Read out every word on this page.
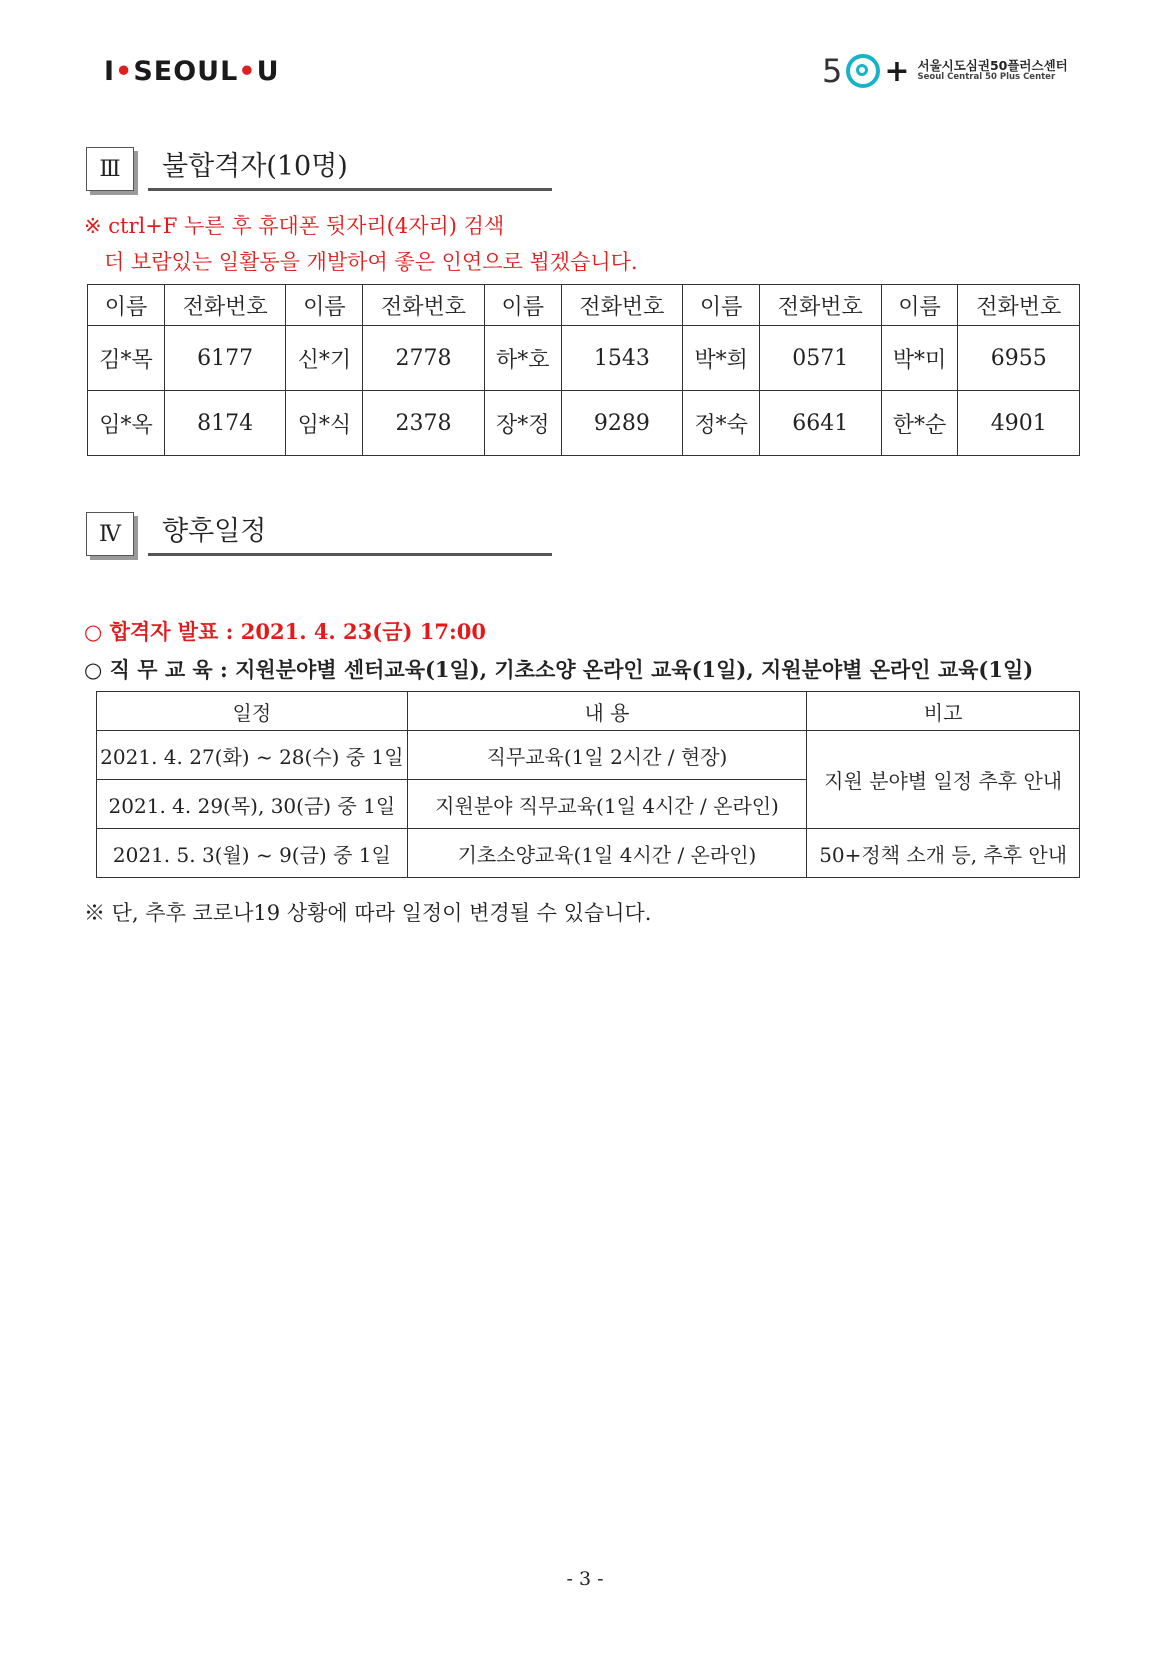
I•SEOUL•U	5 + 서울시도심권50플러스센터
Seoul Central 50 Plus Center
Ⅲ	불합격자(10명)
※ ctrl+F 누른 후 휴대폰 뒷자리(4자리) 검색
더 보람있는 일활동을 개발하여 좋은 인연으로 뵙겠습니다.
이름	전화번호	이름	전화번호	이름	전화번호	이름	전화번호	이름	전화번호
김*목	6177	신*기	2778	하*호	1543	박*희	0571	박*미	6955
임*옥	8174	임*식	2378	장*정	9289	정*숙	6641	한*순	4901
Ⅳ	향후일정
○ 합격자 발표 : 2021. 4. 23(금) 17:00
○ 직 무 교 육 : 지원분야별 센터교육(1일), 기초소양 온라인 교육(1일), 지원분야별 온라인 교육(1일)
일정	내 용	비고
2021. 4. 27(화) ~ 28(수) 중 1일	직무교육(1일 2시간 / 현장)	지원 분야별 일정 추후 안내
2021. 4. 29(목), 30(금) 중 1일	지원분야 직무교육(1일 4시간 / 온라인)	
2021. 5. 3(월) ~ 9(금) 중 1일	기초소양교육(1일 4시간 / 온라인)	50+정책 소개 등, 추후 안내
※ 단, 추후 코로나19 상황에 따라 일정이 변경될 수 있습니다.
- 3 -
